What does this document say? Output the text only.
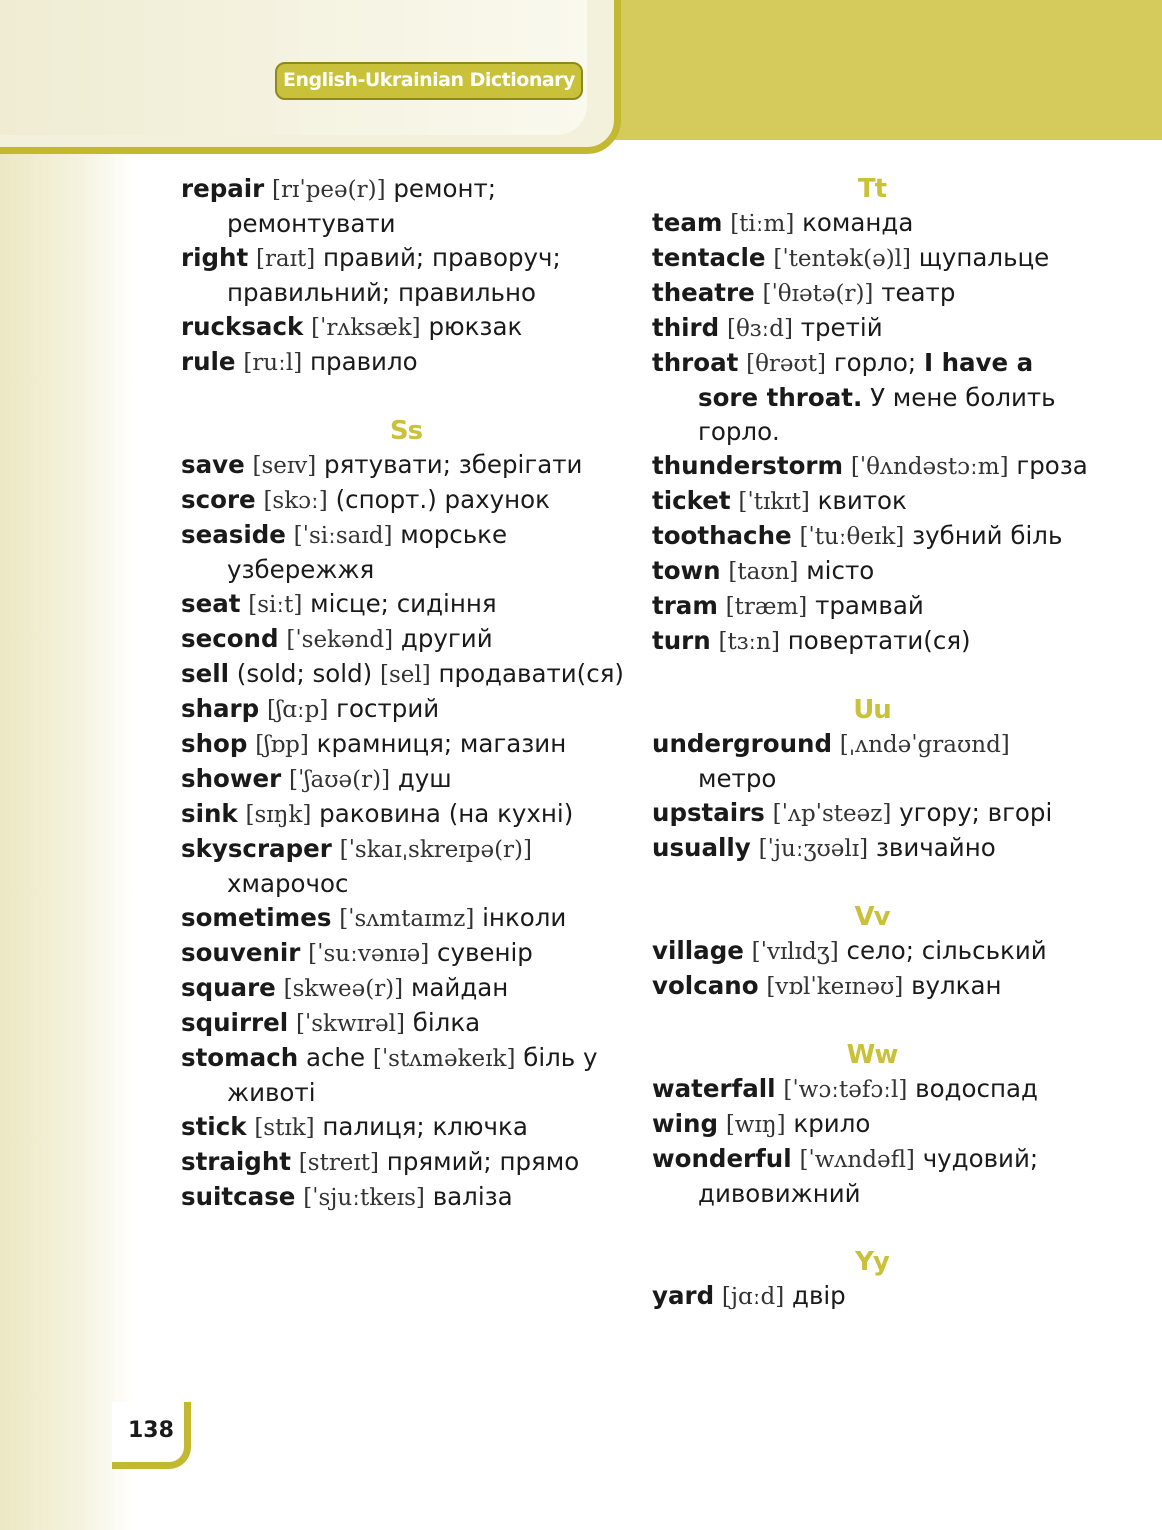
English-Ukrainian Dictionary
repair [rɪˈpeə(r)] ремонт; ремонтувати
right [raɪt] правий; праворуч; правильний; правильно
rucksack [ˈrʌksæk] рюкзак
rule [ruːl] правило
Ss
save [seɪv] рятувати; зберігати
score [skɔː] (спорт.) рахунок
seaside [ˈsiːsaɪd] морське узбережжя
seat [siːt] місце; сидіння
second [ˈsekənd] другий
sell (sold; sold) [sel] продавати(ся)
sharp [ʃɑːp] гострий
shop [ʃɒp] крамниця; магазин
shower [ˈʃaʊə(r)] душ
sink [sɪŋk] раковина (на кухні)
skyscraper [ˈskaɪˌskreɪpə(r)] хмарочос
sometimes [ˈsʌmtaɪmz] інколи
souvenir [ˈsuːvənɪə] сувенір
square [skweə(r)] майдан
squirrel [ˈskwɪrəl] білка
stomach ache [ˈstʌməkeɪk] біль у животі
stick [stɪk] палиця; ключка
straight [streɪt] прямий; прямо
suitcase [ˈsjuːtkeɪs] валіза
Tt
team [tiːm] команда
tentacle [ˈtentək(ə)l] щупальце
theatre [ˈθɪətə(r)] театр
third [θɜːd] третій
throat [θrəʊt] горло; I have a sore throat. У мене болить горло.
thunderstorm [ˈθʌndəstɔːm] гроза
ticket [ˈtɪkɪt] квиток
toothache [ˈtuːθeɪk] зубний біль
town [taʊn] місто
tram [træm] трамвай
turn [tɜːn] повертати(ся)
Uu
underground [ˌʌndəˈgraʊnd] метро
upstairs [ˈʌpˈsteəz] угору; вгорі
usually [ˈjuːʒʊəlɪ] звичайно
Vv
village [ˈvɪlɪdʒ] село; сільський
volcano [vɒlˈkeɪnəʊ] вулкан
Ww
waterfall [ˈwɔːtəfɔːl] водоспад
wing [wɪŋ] крило
wonderful [ˈwʌndəfl] чудовий; дивовижний
Yy
yard [jɑːd] двір
138
